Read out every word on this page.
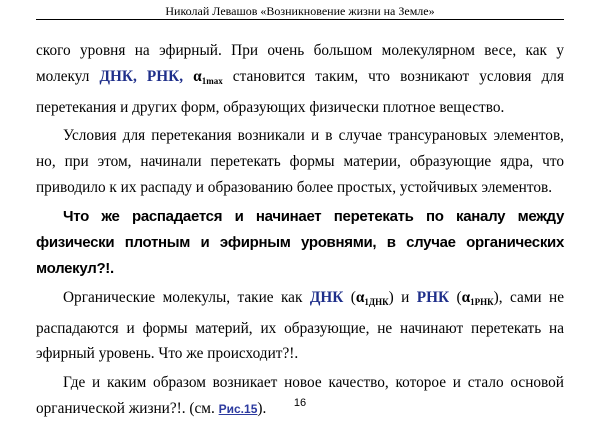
Николай Левашов «Возникновение жизни на Земле»

ского уровня на эфирный. При очень большом молекулярном весе, как у молекул ДНК, РНК, $\alpha_{1max}$ становится таким, что возникают условия для перетекания и других форм, образующих физически плотное вещество.

Условия для перетекания возникали и в случае трансурановых элементов, но, при этом, начинали перетекать формы материи, образующие ядра, что приводило к их распаду и образованию более простых, устойчивых элементов.

Что же распадается и начинает перетекать по каналу между физически плотным и эфирным уровнями, в случае органических молекул?!.

Органические молекулы, такие как ДНК $(\alpha_{1ДНК})$ и РНК $(\alpha_{1РНК})$, сами не распадаются и формы материй, их образующие, не начинают перетекать на эфирный уровень. Что же происходит?!.

Где и каким образом возникает новое качество, которое и стало основой органической жизни?!. (см. Рис.15).	16
